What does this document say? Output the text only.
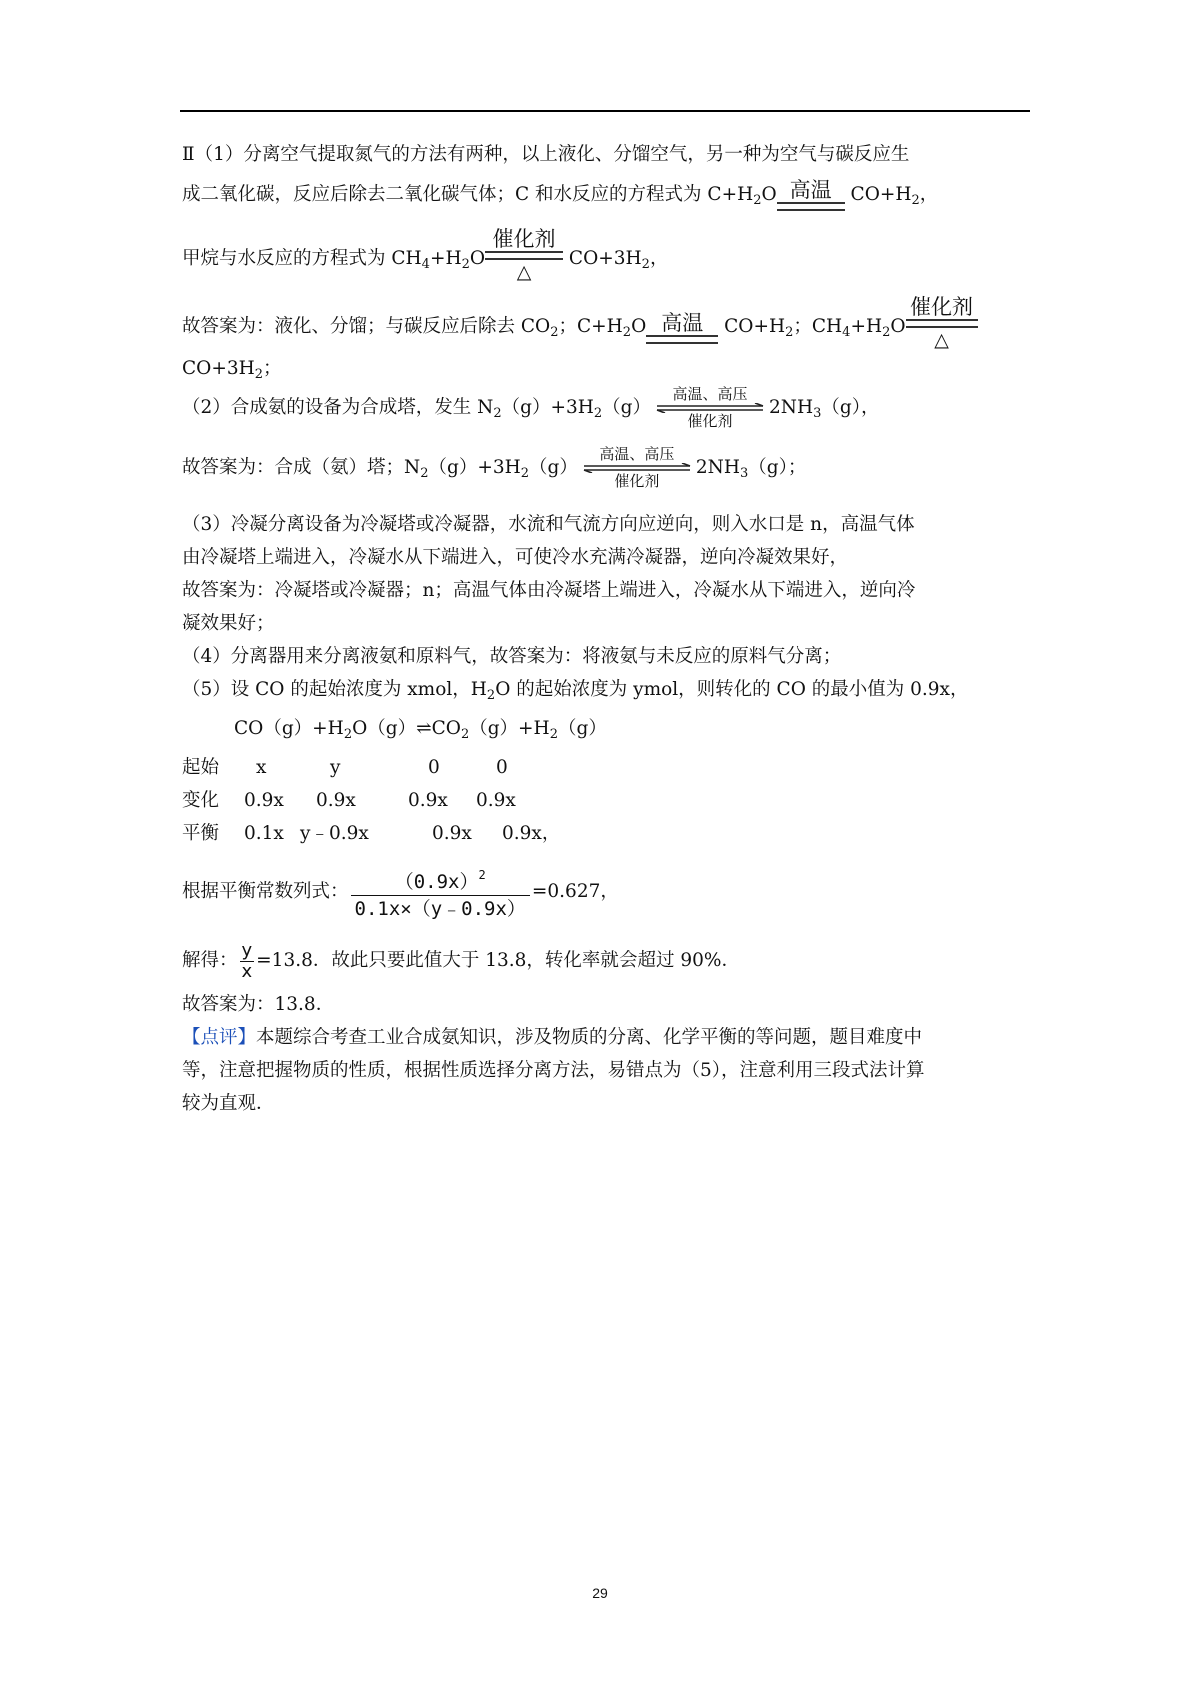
Ⅱ（1）分离空气提取氮气的方法有两种，以上液化、分馏空气，另一种为空气与碳反应生
成二氧化碳，反应后除去二氧化碳气体；C 和水反应的方程式为 $C+H_2O$ 高温 $CO+H_2$，
甲烷与水反应的方程式为 $CH_4+H_2O$
催化剂
△
$CO+3H_2$，
故答案为：液化、分馏；与碳反应后除去 $CO_2$；$C+H_2O$ 高温 $CO+H_2$；$CH_4+H_2O$
催化剂
△
$CO+3H_2$；
（2）合成氨的设备为合成塔，发生 $N_2(g)+3H_2(g)$
高温、高压
催化剂
$2NH_3(g)$，
故答案为：合成（氨）塔；$N_2(g)+3H_2(g)$
高温、高压
催化剂
$2NH_3(g)$；
（3）冷凝分离设备为冷凝塔或冷凝器，水流和气流方向应逆向，则入水口是 n，高温气体
由冷凝塔上端进入，冷凝水从下端进入，可使冷水充满冷凝器，逆向冷凝效果好，
故答案为：冷凝塔或冷凝器；n；高温气体由冷凝塔上端进入，冷凝水从下端进入，逆向冷
凝效果好；
（4）分离器用来分离液氨和原料气，故答案为：将液氨与未反应的原料气分离；
（5）设 CO 的起始浓度为 xmol，$H_2O$ 的起始浓度为 ymol，则转化的 CO 的最小值为 0.9x，
$CO(g)+H_2O(g)\rightleftharpoons CO_2(g)+H_2(g)$
起始 x	y	0	0
变化 0.9x 0.9x	0.9x 0.9x
平衡 0.1x y﹣0.9x	0.9x 0.9x，
根据平衡常数列式： $\frac{(0.9x)^2}{0.1x\times(y﹣0.9x)} =0.627$，
解得： $\frac{y}{x} =13.8$．故此只要此值大于 13.8，转化率就会超过 90%．
故答案为：13.8．
【点评】本题综合考查工业合成氨知识，涉及物质的分离、化学平衡的等问题，题目难度中
等，注意把握物质的性质，根据性质选择分离方法，易错点为（5），注意利用三段式法计算
较为直观．
29
